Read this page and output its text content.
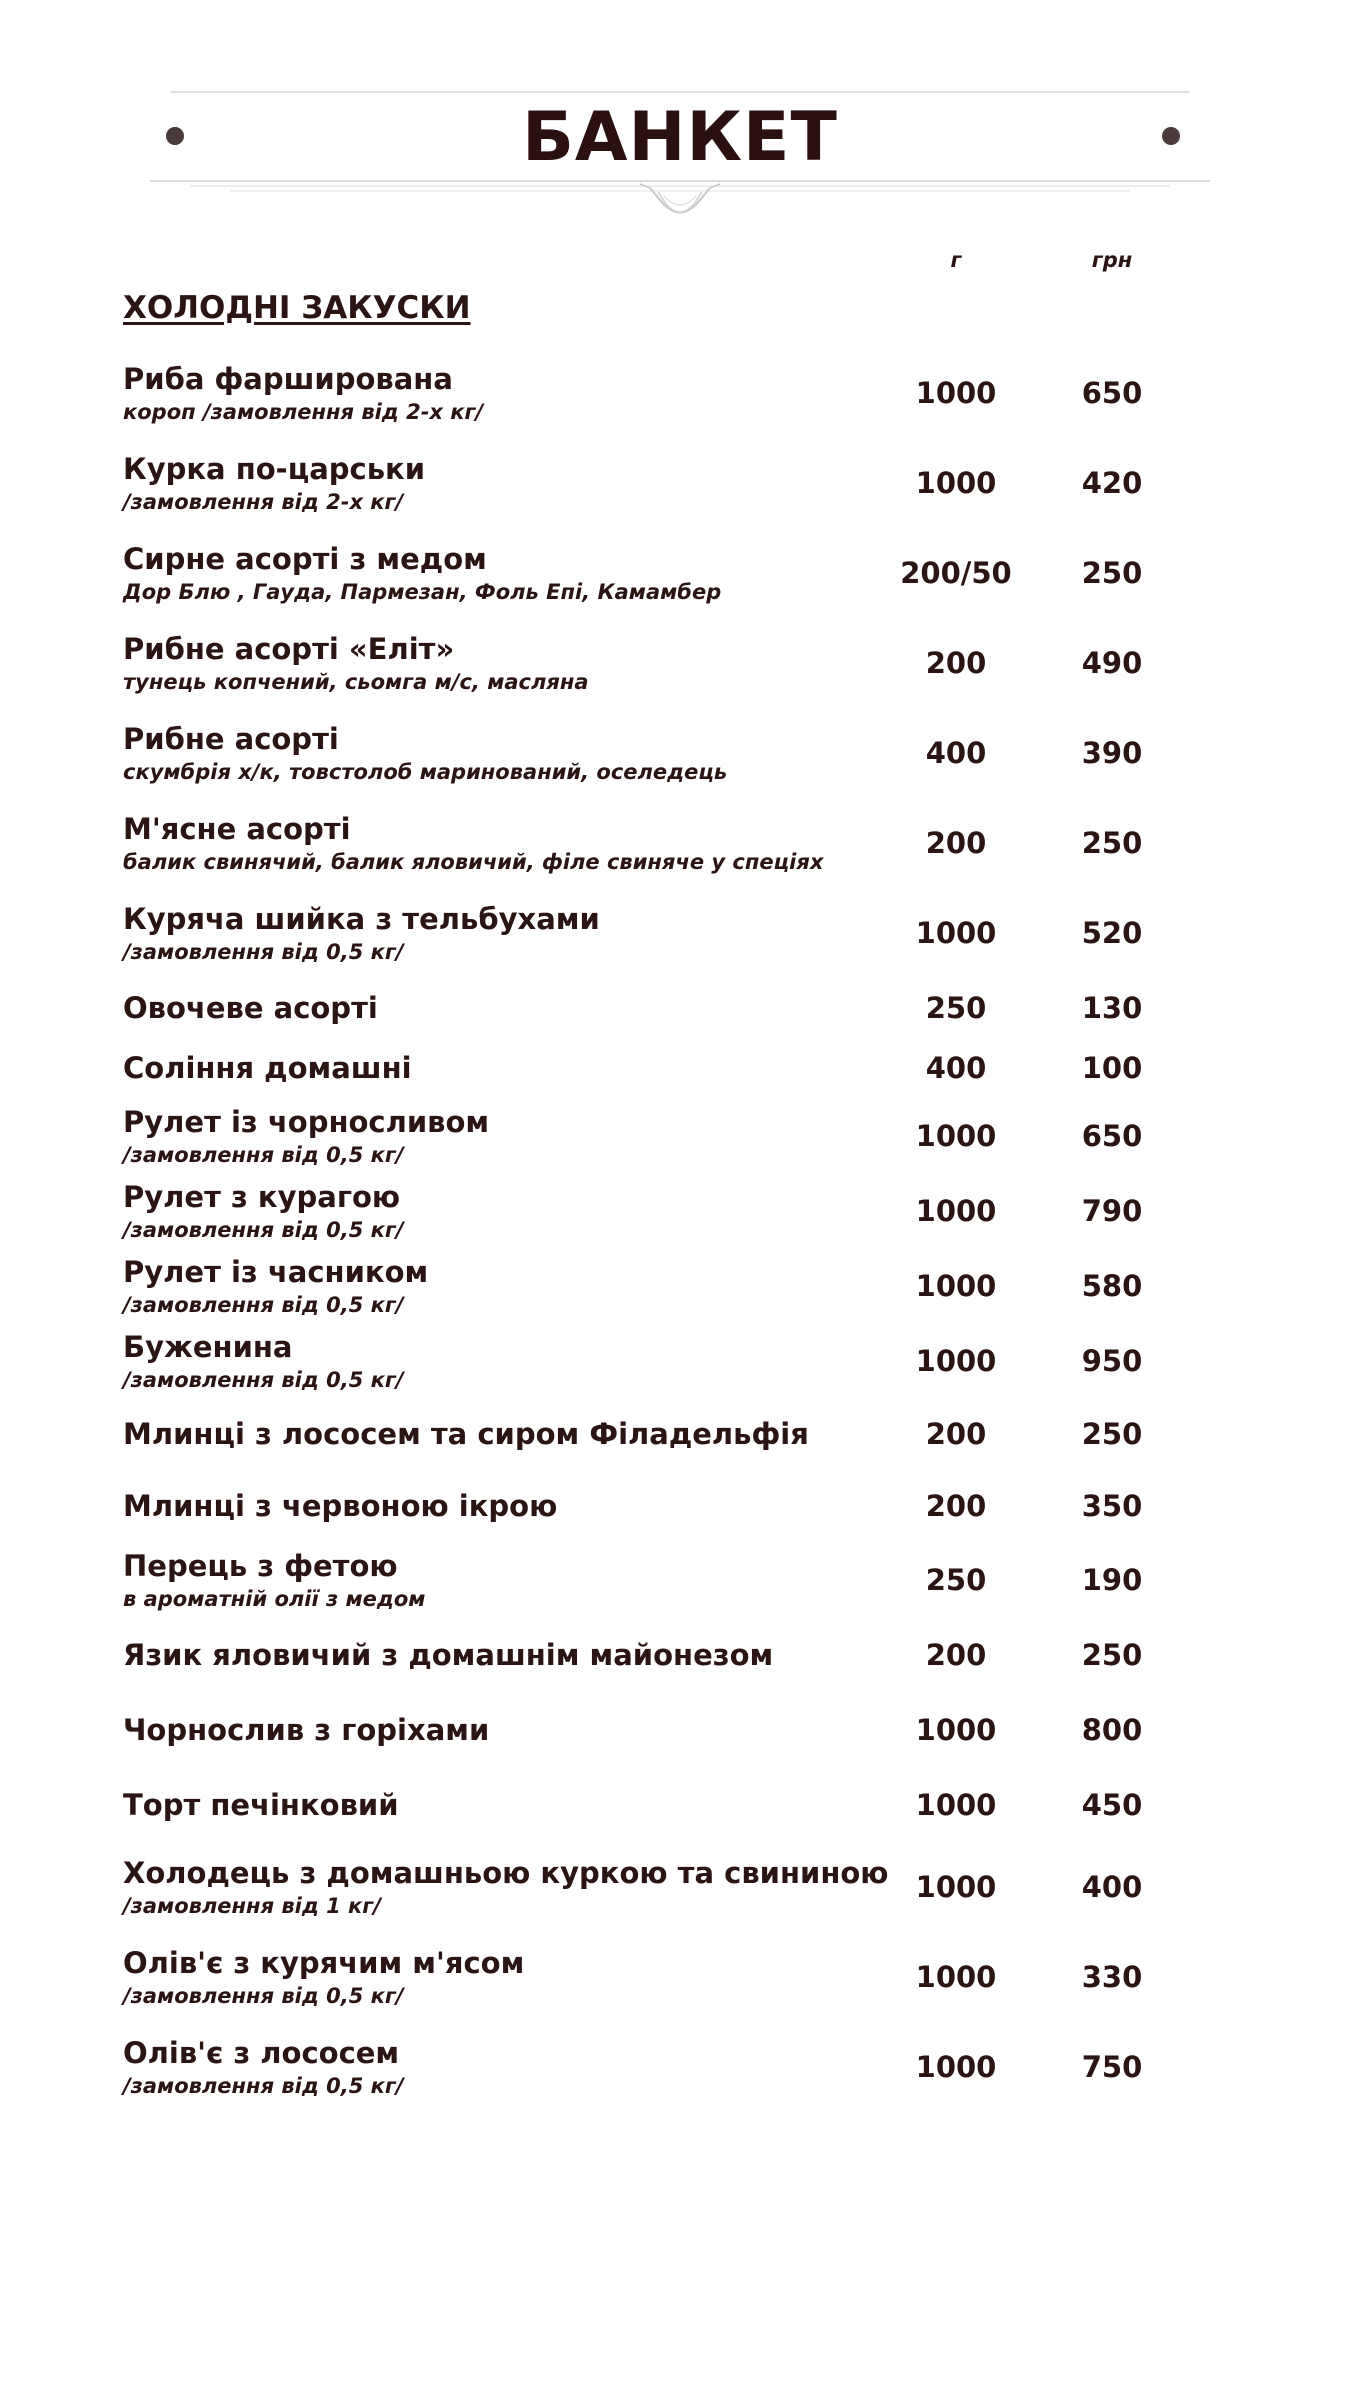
БАНКЕТ
г	грн
ХОЛОДНІ ЗАКУСКИ
Риба фарширована
короп /замовлення від 2-х кг/
1000	650
Курка по-царськи
/замовлення від 2-х кг/
1000	420
Сирне асорті з медом
Дор Блю , Гауда, Пармезан, Фоль Епі, Камамбер
200/50	250
Рибне асорті «Еліт»
тунець копчений, сьомга м/с, масляна
200	490
Рибне асорті
скумбрія х/к, товстолоб маринований, оселедець
400	390
М'ясне асорті
балик свинячий, балик яловичий, філе свиняче у спеціях
200	250
Куряча шийка з тельбухами
/замовлення від 0,5 кг/
1000	520
Овочеве асорті	250	130
Соління домашні	400	100
Рулет із чорносливом
/замовлення від 0,5 кг/
1000	650
Рулет з курагою
/замовлення від 0,5 кг/
1000	790
Рулет із часником
/замовлення від 0,5 кг/
1000	580
Буженина
/замовлення від 0,5 кг/
1000	950
Млинці з лососем та сиром Філадельфія	200	250
Млинці з червоною ікрою	200	350
Перець з фетою
в ароматній олії з медом
250	190
Язик яловичий з домашнім майонезом	200	250
Чорнослив з горіхами	1000	800
Торт печінковий	1000	450
Холодець з домашньою куркою та свининою
/замовлення від 1 кг/
1000	400
Олів'є з курячим м'ясом
/замовлення від 0,5 кг/
1000	330
Олів'є з лососем
/замовлення від 0,5 кг/
1000	750
